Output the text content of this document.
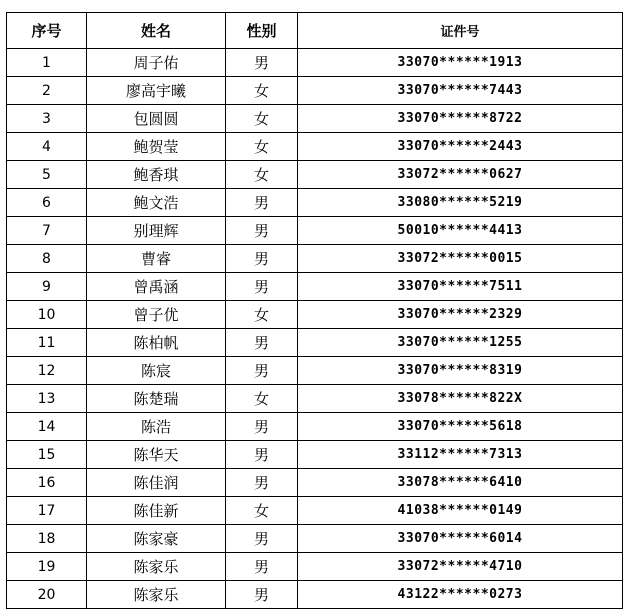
序号	姓名	性别	证件号
1	周子佑	男	33070******1913
2	廖高宇曦	女	33070******7443
3	包圆圆	女	33070******8722
4	鲍贺莹	女	33070******2443
5	鲍香琪	女	33072******0627
6	鲍文浩	男	33080******5219
7	别理辉	男	50010******4413
8	曹睿	男	33072******0015
9	曾禹涵	男	33070******7511
10	曾子优	女	33070******2329
11	陈柏帆	男	33070******1255
12	陈宸	男	33070******8319
13	陈楚瑞	女	33078******822X
14	陈浩	男	33070******5618
15	陈华天	男	33112******7313
16	陈佳润	男	33078******6410
17	陈佳新	女	41038******0149
18	陈家豪	男	33070******6014
19	陈家乐	男	33072******4710
20	陈家乐	男	43122******0273
